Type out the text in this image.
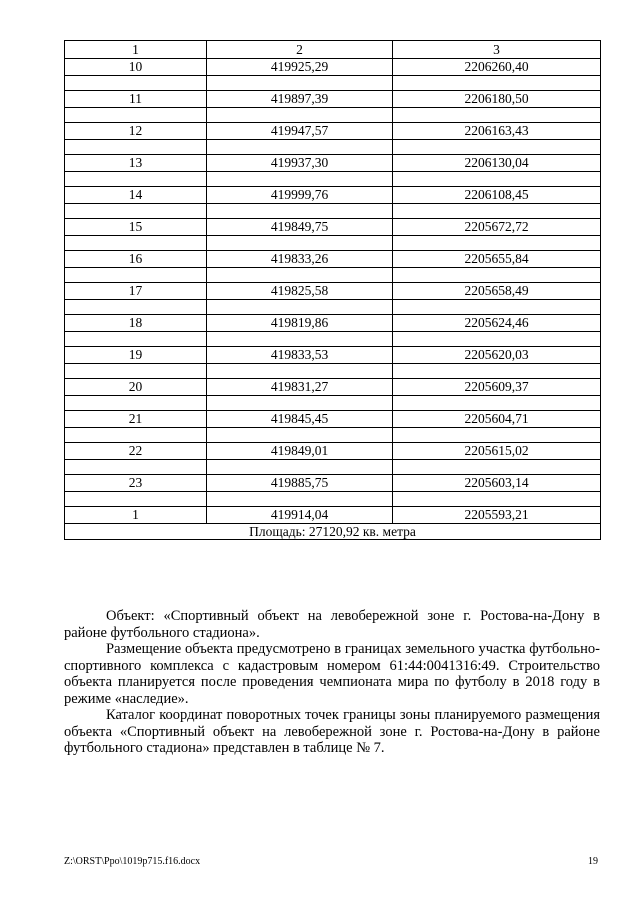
1	2	3
10	419925,29	2206260,40

11	419897,39	2206180,50

12	419947,57	2206163,43

13	419937,30	2206130,04

14	419999,76	2206108,45

15	419849,75	2205672,72

16	419833,26	2205655,84

17	419825,58	2205658,49

18	419819,86	2205624,46

19	419833,53	2205620,03

20	419831,27	2205609,37

21	419845,45	2205604,71

22	419849,01	2205615,02

23	419885,75	2205603,14

1	419914,04	2205593,21
Площадь: 27120,92 кв. метра		

Объект: «Спортивный объект на левобережной зоне г. Ростова-на-Дону в районе футбольного стадиона».

Размещение объекта предусмотрено в границах земельного участка футбольно-спортивного комплекса с кадастровым номером 61:44:0041316:49. Строительство объекта планируется после проведения чемпионата мира по футболу в 2018 году в режиме «наследие».

Каталог координат поворотных точек границы зоны планируемого размещения объекта «Спортивный объект на левобережной зоне г. Ростова-на-Дону в районе футбольного стадиона» представлен в таблице № 7.

Z:\ORST\Ppo\1019p715.f16.docx	19
